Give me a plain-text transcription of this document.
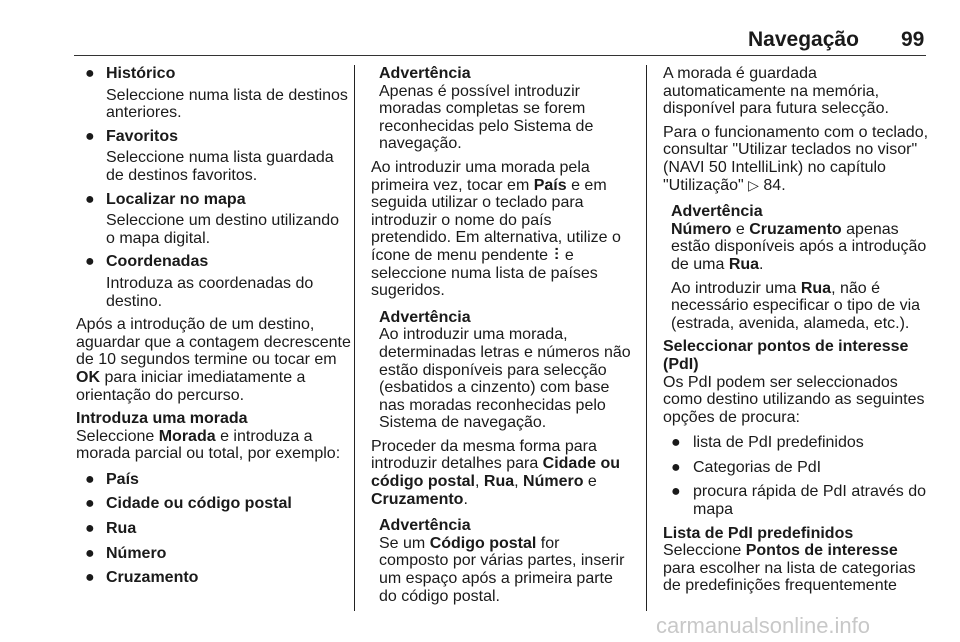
Navegação 99
● Histórico
Seleccione numa lista de destinos anteriores.
● Favoritos
Seleccione numa lista guardada de destinos favoritos.
● Localizar no mapa
Seleccione um destino utilizando o mapa digital.
● Coordenadas
Introduza as coordenadas do destino.

Após a introdução de um destino, aguardar que a contagem decrescente de 10 segundos termine ou tocar em OK para iniciar imediatamente a orientação do percurso.

Introduza uma morada

Seleccione Morada e introduza a morada parcial ou total, por exemplo:

● País
● Cidade ou código postal
● Rua
● Número
● Cruzamento
Advertência

Apenas é possível introduzir moradas completas se forem reconhecidas pelo Sistema de navegação.

Ao introduzir uma morada pela primeira vez, tocar em País e em seguida utilizar o teclado para introduzir o nome do país pretendido. Em alternativa, utilize o ícone de menu pendente ⫶ e seleccione numa lista de países sugeridos.

Advertência

Ao introduzir uma morada, determinadas letras e números não estão disponíveis para selecção (esbatidos a cinzento) com base nas moradas reconhecidas pelo Sistema de navegação.

Proceder da mesma forma para introduzir detalhes para Cidade ou código postal, Rua, Número e Cruzamento.

Advertência

Se um Código postal for composto por várias partes, inserir um espaço após a primeira parte do código postal.

A morada é guardada automaticamente na memória, disponível para futura selecção.

Para o funcionamento com o teclado, consultar "Utilizar teclados no visor" (NAVI 50 IntelliLink) no capítulo "Utilização" ▷ 84.

Advertência

Número e Cruzamento apenas estão disponíveis após a introdução de uma Rua.

Ao introduzir uma Rua, não é necessário especificar o tipo de via (estrada, avenida, alameda, etc.).

Seleccionar pontos de interesse (PdI)

Os PdI podem ser seleccionados como destino utilizando as seguintes opções de procura:

● lista de PdI predefinidos
● Categorias de PdI
● procura rápida de PdI através do mapa
Lista de PdI predefinidos

Seleccione Pontos de interesse para escolher na lista de categorias de predefinições frequentemente

carmanualsonline.info
